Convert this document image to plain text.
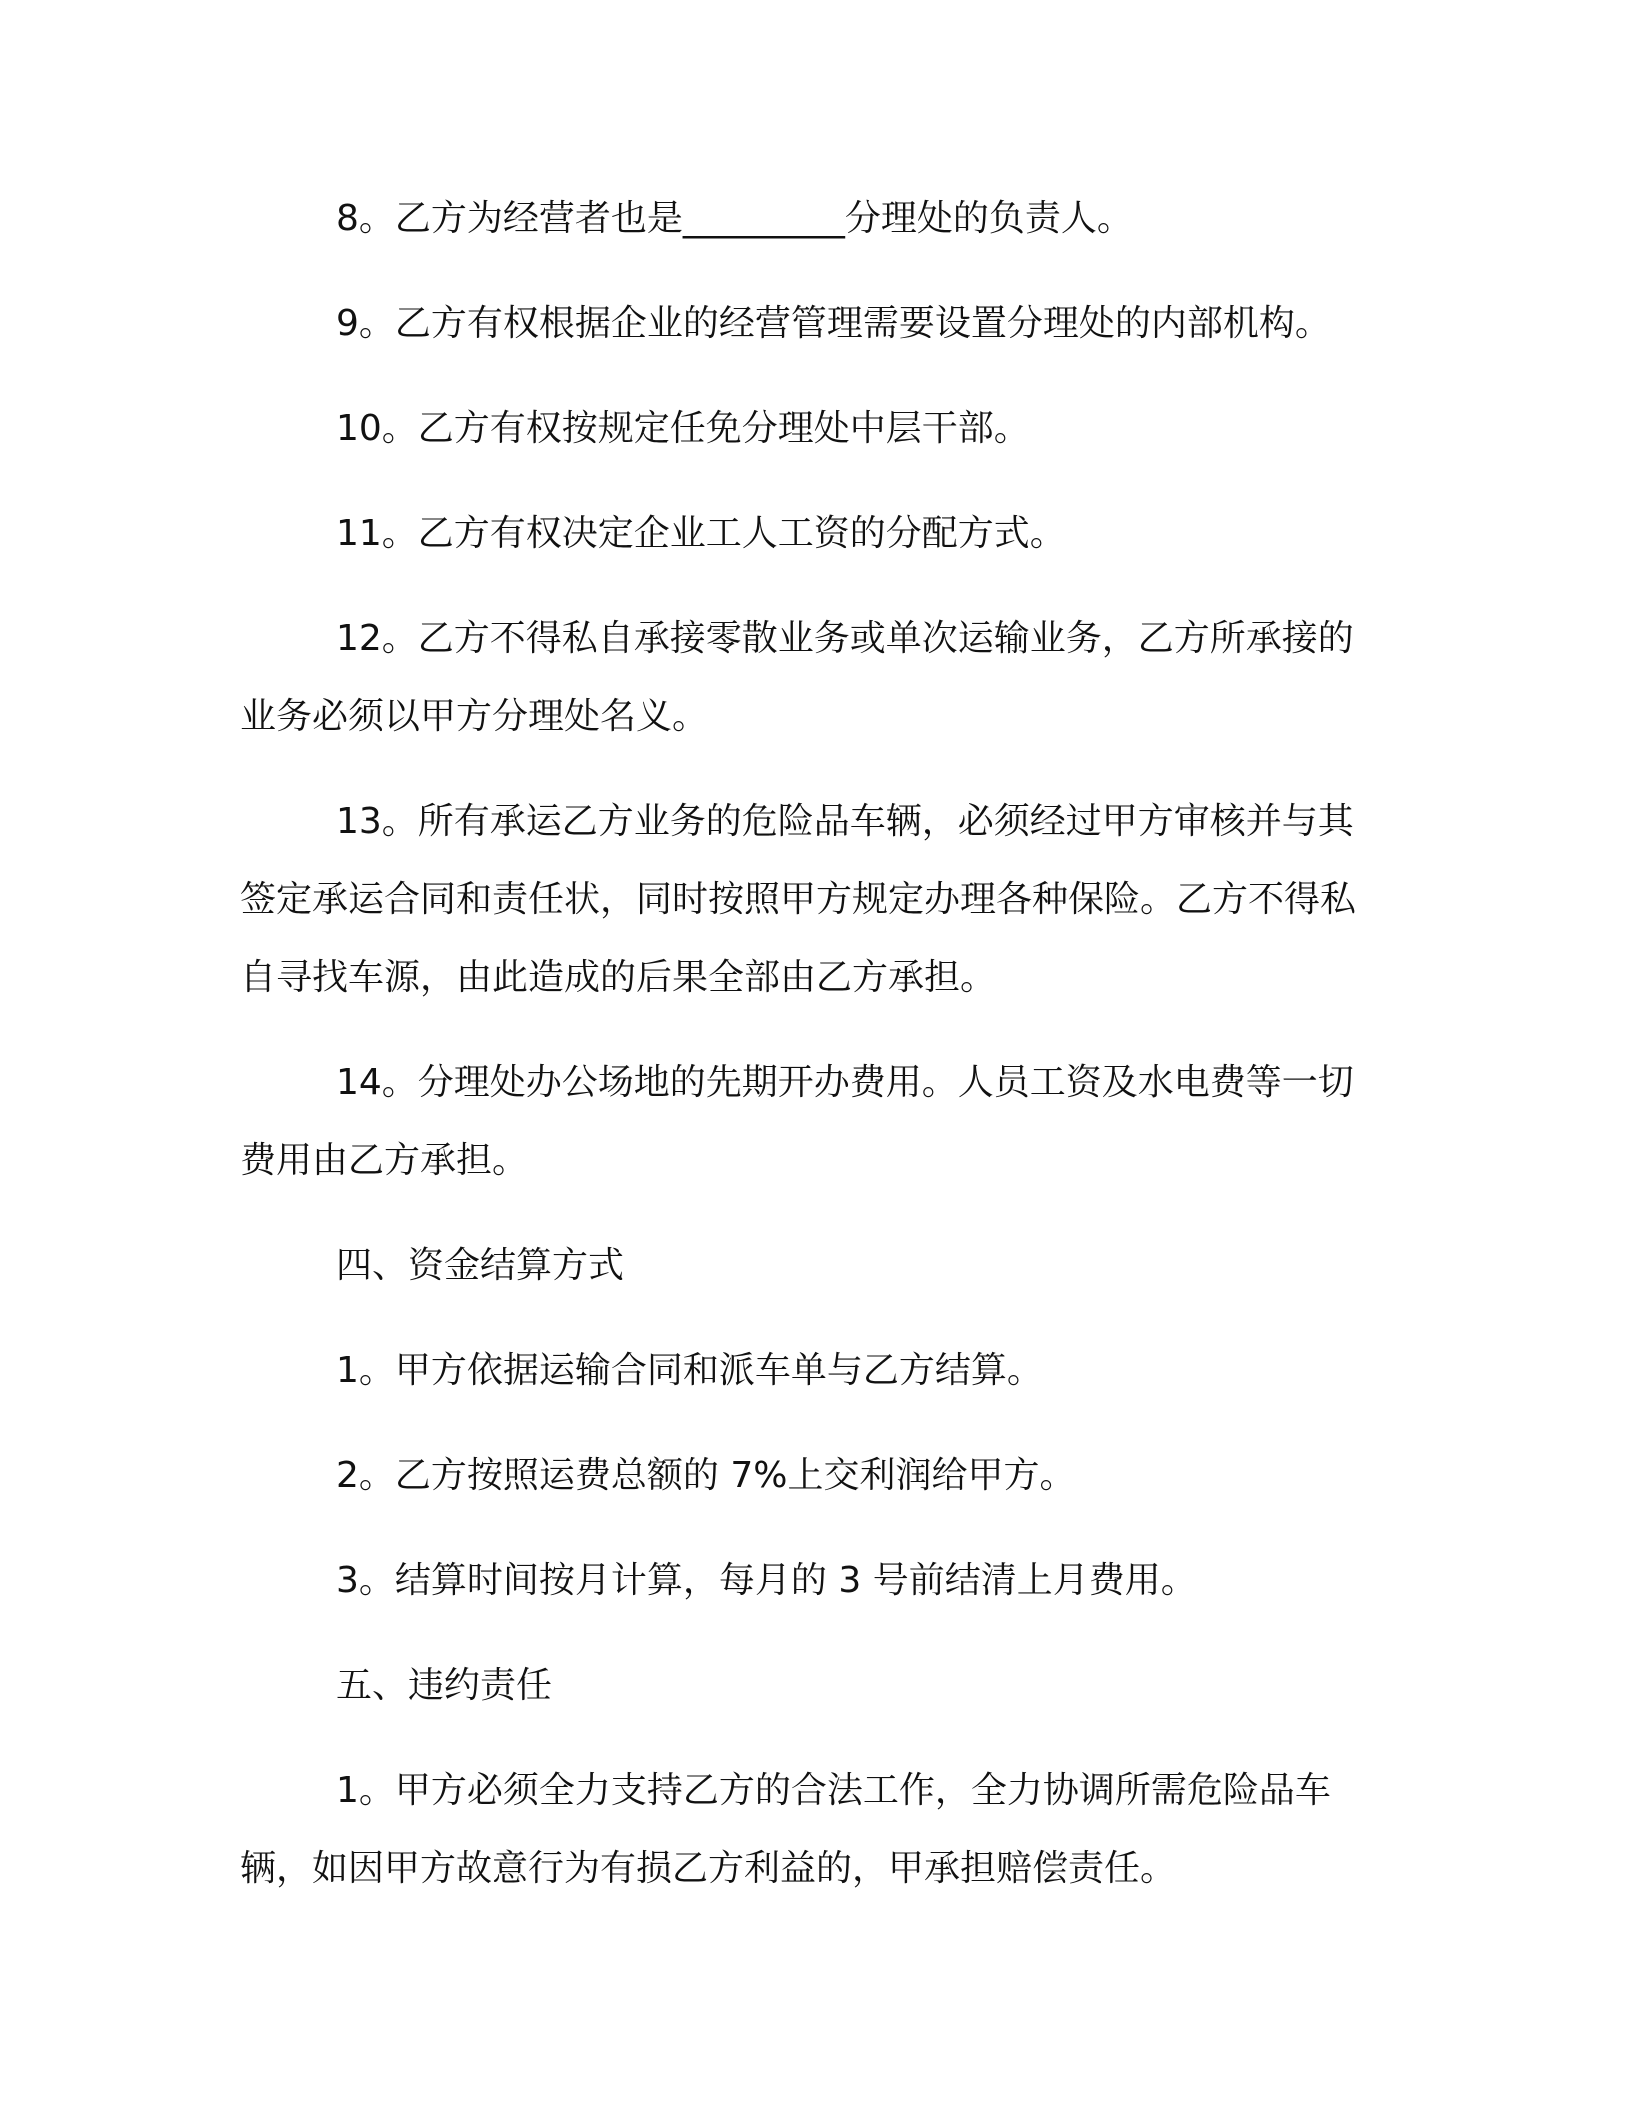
8。乙方为经营者也是_________分理处的负责人。

9。乙方有权根据企业的经营管理需要设置分理处的内部机构。

10。乙方有权按规定任免分理处中层干部。

11。乙方有权决定企业工人工资的分配方式。

12。乙方不得私自承接零散业务或单次运输业务，乙方所承接的业务必须以甲方分理处名义。

13。所有承运乙方业务的危险品车辆，必须经过甲方审核并与其签定承运合同和责任状，同时按照甲方规定办理各种保险。乙方不得私自寻找车源，由此造成的后果全部由乙方承担。

14。分理处办公场地的先期开办费用。人员工资及水电费等一切费用由乙方承担。

四、资金结算方式

1。甲方依据运输合同和派车单与乙方结算。

2。乙方按照运费总额的 7%上交利润给甲方。

3。结算时间按月计算，每月的 3 号前结清上月费用。

五、违约责任

1。甲方必须全力支持乙方的合法工作，全力协调所需危险品车辆，如因甲方故意行为有损乙方利益的，甲承担赔偿责任。
